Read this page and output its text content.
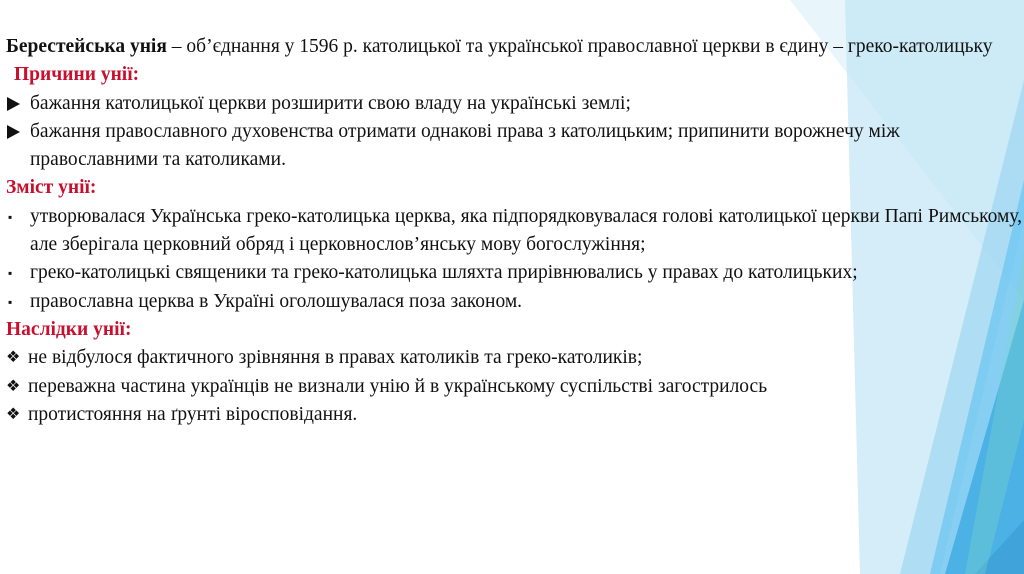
Берестейська унія – об’єднання у 1596 р. католицької та української православної церкви в єдину – греко-католицьку

Причини унії:

бажання католицької церкви розширити свою владу на українські землі;
бажання православного духовенства отримати однакові права з католицьким; припинити ворожнечу між православними та католиками.

Зміст унії:

▪ утворювалася Українська греко-католицька церква, яка підпорядковувалася голові католицької церкви Папі Римському, але зберігала церковний обряд і церковнослов’янську мову богослужіння;
▪ греко-католицькі священики та греко-католицька шляхта прирівнювались у правах до католицьких;
▪ православна церква в Україні оголошувалася поза законом.

Наслідки унії:

❖ не відбулося фактичного зрівняння в правах католиків та греко-католиків;
❖ переважна частина українців не визнали унію й в українському суспільстві загострилось
❖ протистояння на ґрунті віросповідання.
